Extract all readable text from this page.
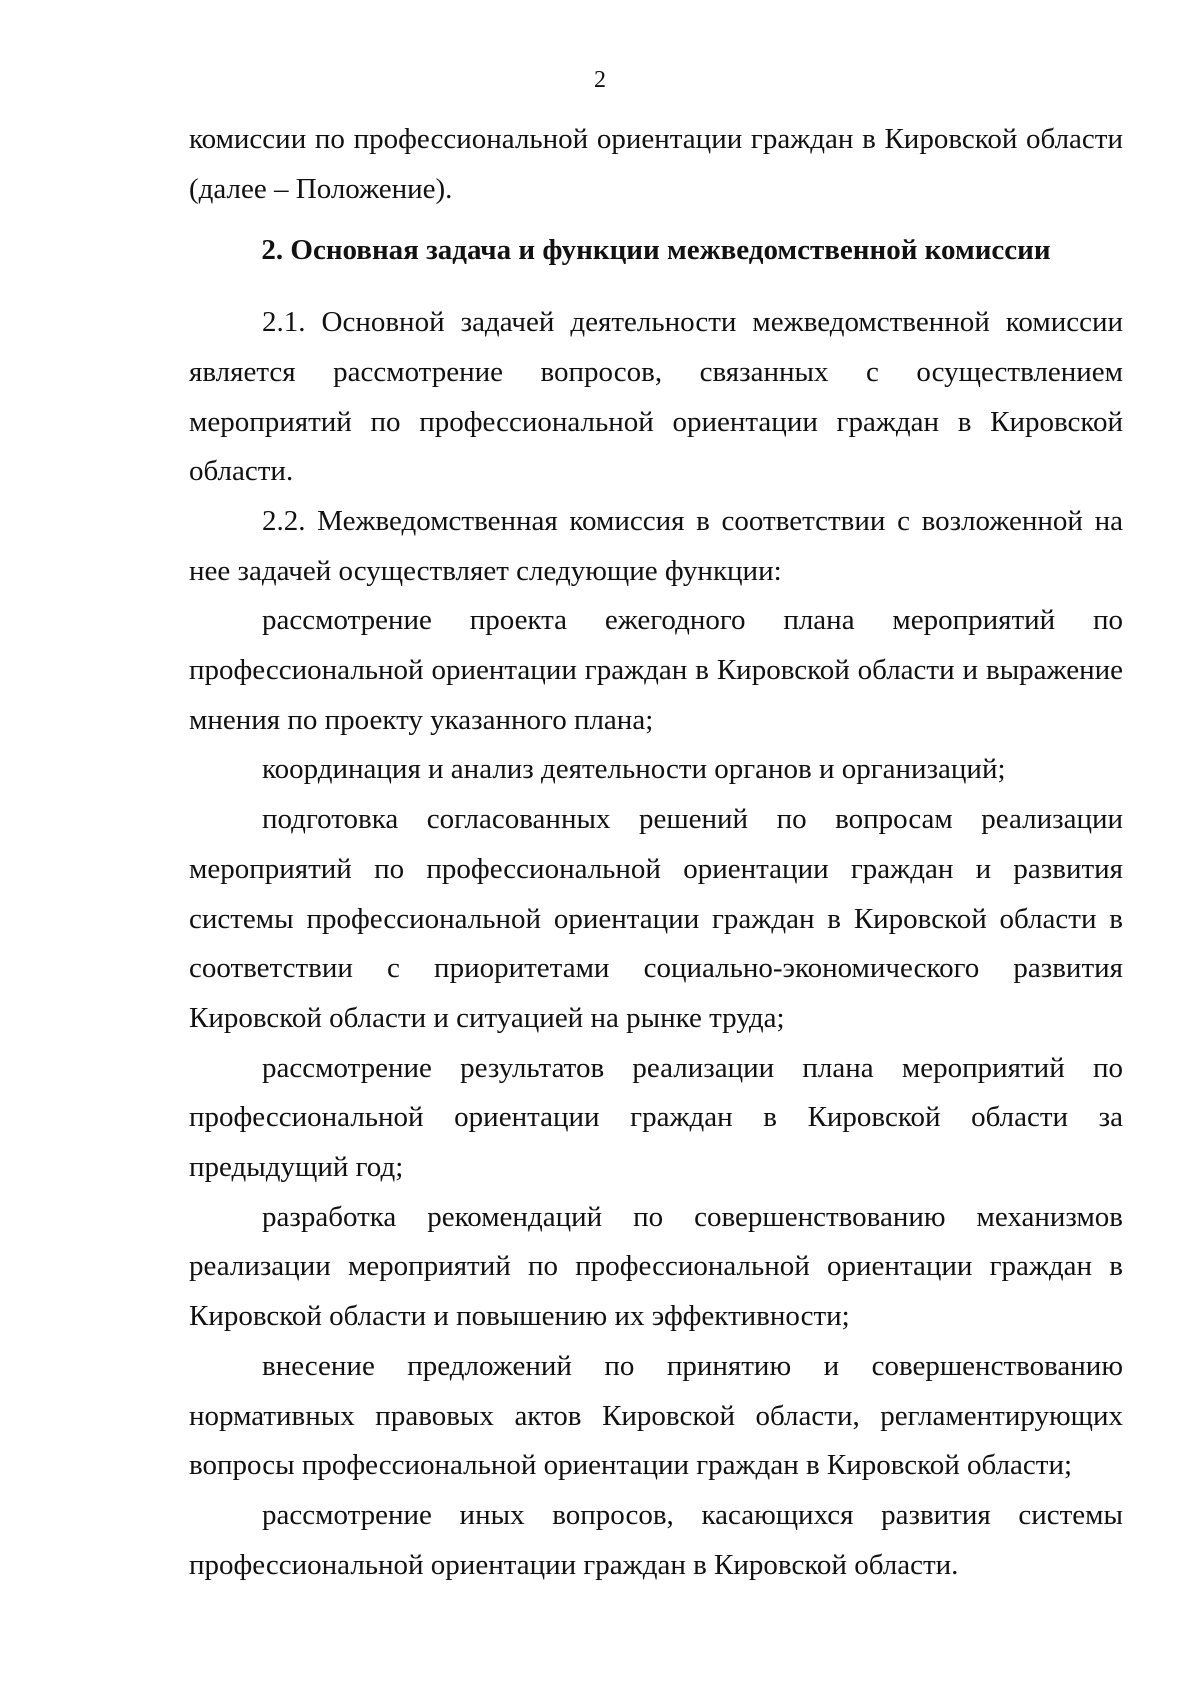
2

комиссии по профессиональной ориентации граждан в Кировской области (далее – Положение).

2. Основная задача и функции межведомственной комиссии

2.1. Основной задачей деятельности межведомственной комиссии является рассмотрение вопросов, связанных с осуществлением мероприятий по профессиональной ориентации граждан в Кировской области.

2.2. Межведомственная комиссия в соответствии с возложенной на нее задачей осуществляет следующие функции:

рассмотрение проекта ежегодного плана мероприятий по профессиональной ориентации граждан в Кировской области и выражение мнения по проекту указанного плана;

координация и анализ деятельности органов и организаций;

подготовка согласованных решений по вопросам реализации мероприятий по профессиональной ориентации граждан и развития системы профессиональной ориентации граждан в Кировской области в соответствии с приоритетами социально-экономического развития Кировской области и ситуацией на рынке труда;

рассмотрение результатов реализации плана мероприятий по профессиональной ориентации граждан в Кировской области за предыдущий год;

разработка рекомендаций по совершенствованию механизмов реализации мероприятий по профессиональной ориентации граждан в Кировской области и повышению их эффективности;

внесение предложений по принятию и совершенствованию нормативных правовых актов Кировской области, регламентирующих вопросы профессиональной ориентации граждан в Кировской области;

рассмотрение иных вопросов, касающихся развития системы профессиональной ориентации граждан в Кировской области.
